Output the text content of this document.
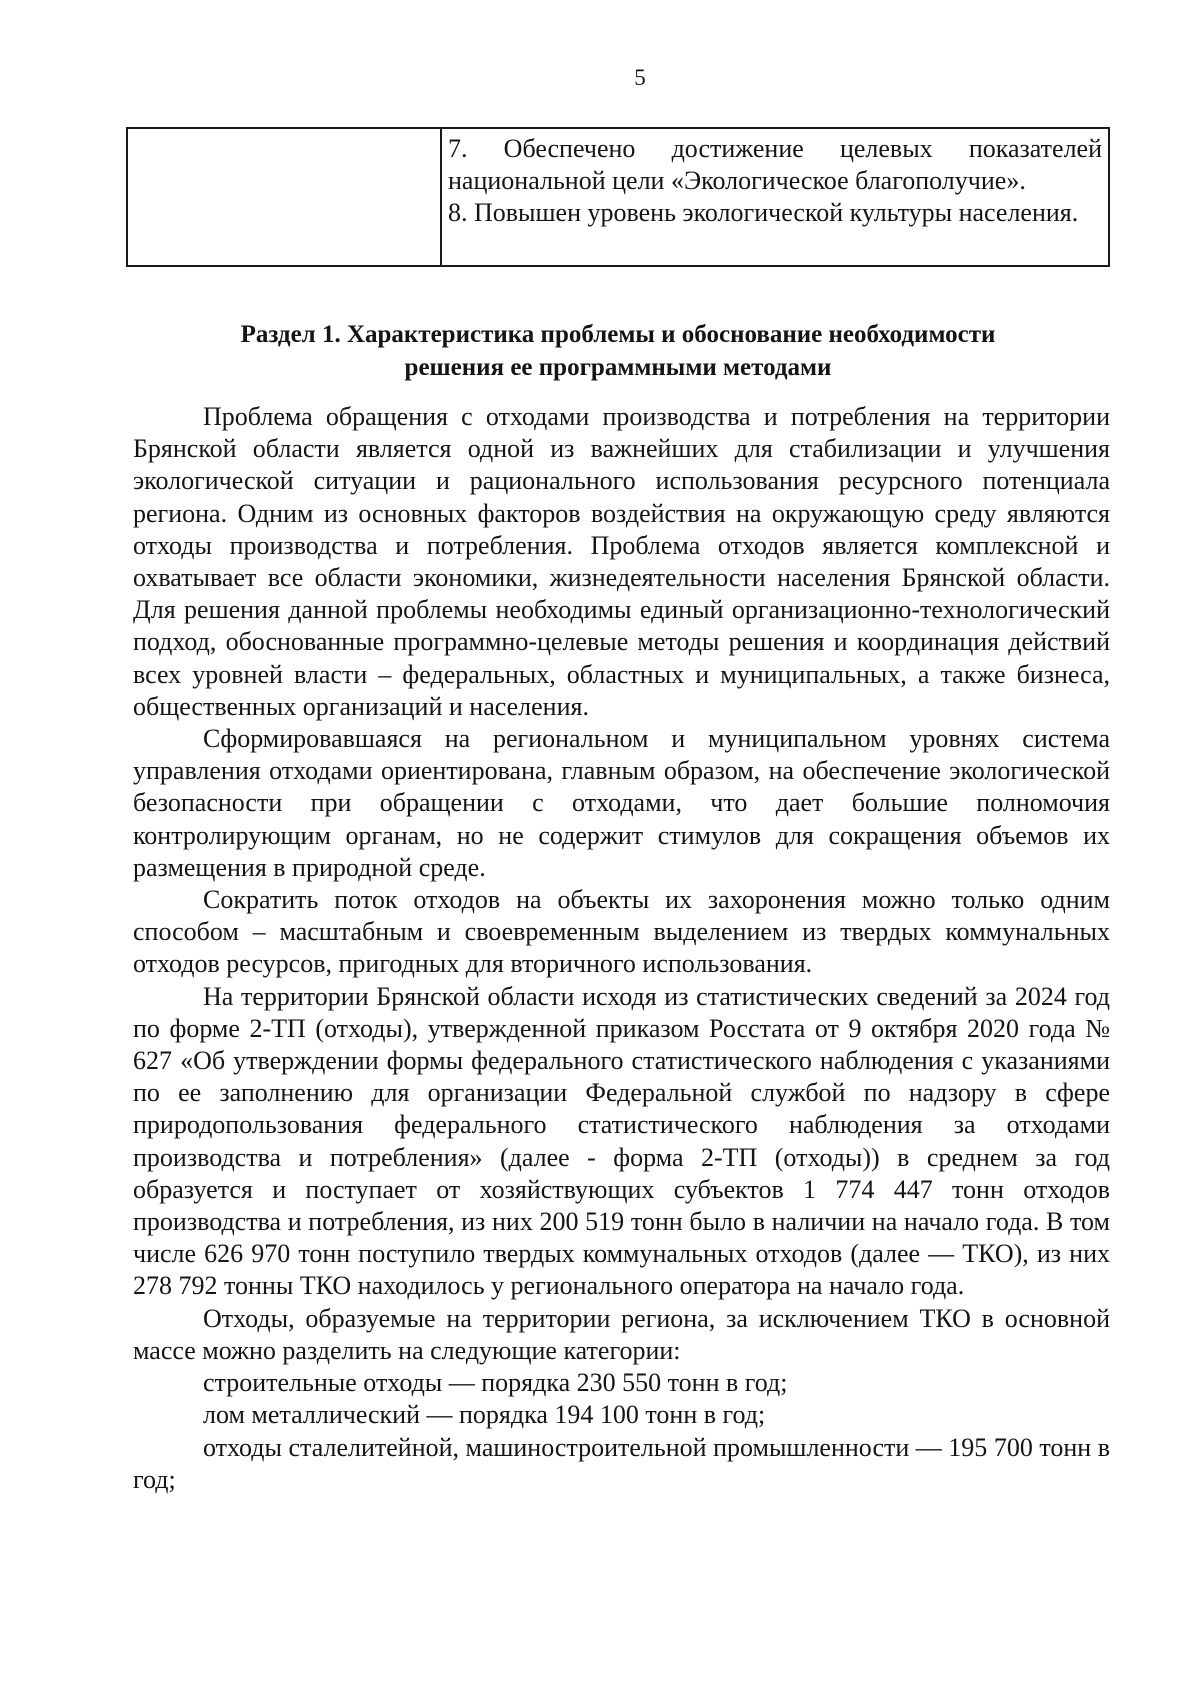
5

7. Обеспечено достижение целевых показателей национальной цели «Экологическое благополучие».

8. Повышен уровень экологической культуры населения.

Раздел 1. Характеристика проблемы и обоснование необходимости
решения ее программными методами

Проблема обращения с отходами производства и потребления на территории Брянской области является одной из важнейших для стабилизации и улучшения экологической ситуации и рационального использования ресурсного потенциала региона. Одним из основных факторов воздействия на окружающую среду являются отходы производства и потребления. Проблема отходов является комплексной и охватывает все области экономики, жизнедеятельности населения Брянской области. Для решения данной проблемы необходимы единый организационно-технологический подход, обоснованные программно-целевые методы решения и координация действий всех уровней власти – федеральных, областных и муниципальных, а также бизнеса, общественных организаций и населения.

Сформировавшаяся на региональном и муниципальном уровнях система управления отходами ориентирована, главным образом, на обеспечение экологической безопасности при обращении с отходами, что дает большие полномочия контролирующим органам, но не содержит стимулов для сокращения объемов их размещения в природной среде.

Сократить поток отходов на объекты их захоронения можно только одним способом – масштабным и своевременным выделением из твердых коммунальных отходов ресурсов, пригодных для вторичного использования.

На территории Брянской области исходя из статистических сведений за 2024 год по форме 2-ТП (отходы), утвержденной приказом Росстата от 9 октября 2020 года № 627 «Об утверждении формы федерального статистического наблюдения с указаниями по ее заполнению для организации Федеральной службой по надзору в сфере природопользования федерального статистического наблюдения за отходами производства и потребления» (далее - форма 2-ТП (отходы)) в среднем за год образуется и поступает от хозяйствующих субъектов 1 774 447 тонн отходов производства и потребления, из них 200 519 тонн было в наличии на начало года. В том числе 626 970 тонн поступило твердых коммунальных отходов (далее — ТКО), из них 278 792 тонны ТКО находилось у регионального оператора на начало года.

Отходы, образуемые на территории региона, за исключением ТКО в основной массе можно разделить на следующие категории:

строительные отходы — порядка 230 550 тонн в год;

лом металлический — порядка 194 100 тонн в год;

отходы сталелитейной, машиностроительной промышленности — 195 700 тонн в год;
